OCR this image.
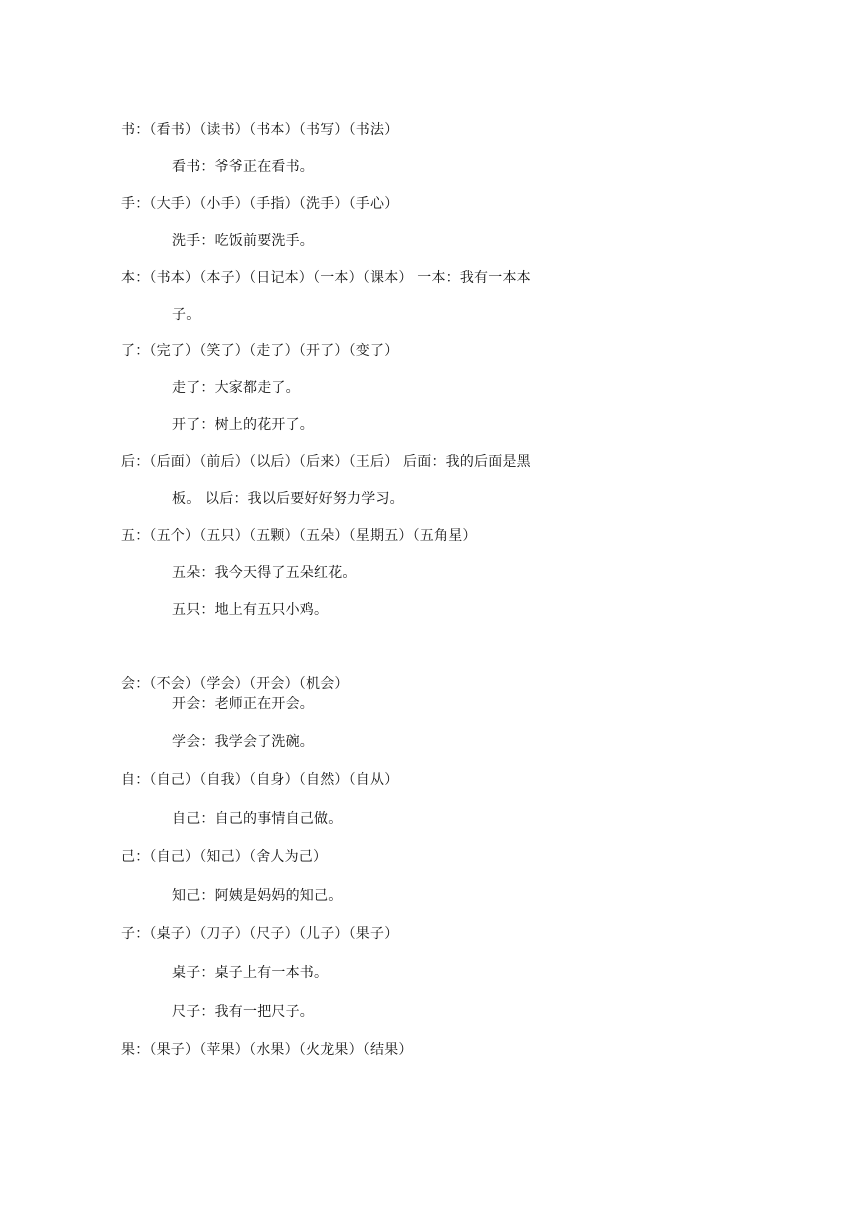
书：（看书）（读书）（书本）（书写）（书法）
看书：爷爷正在看书。
手：（大手）（小手）（手指）（洗手）（手心）
洗手：吃饭前要洗手。
本：（书本）（本子）（日记本）（一本）（课本） 一本：我有一本本
子。
了：（完了）（笑了）（走了）（开了）（变了）
走了：大家都走了。
开了：树上的花开了。
后：（后面）（前后）（以后）（后来）（王后） 后面：我的后面是黑
板。 以后：我以后要好好努力学习。
五：（五个）（五只）（五颗）（五朵）（星期五）（五角星）
五朵：我今天得了五朵红花。
五只：地上有五只小鸡。
会：（不会）（学会）（开会）（机会）
开会：老师正在开会。
学会：我学会了洗碗。
自：（自己）（自我）（自身）（自然）（自从）
自己：自己的事情自己做。
己：（自己）（知己）（舍人为己）
知己：阿姨是妈妈的知己。
子：（桌子）（刀子）（尺子）（儿子）（果子）
桌子：桌子上有一本书。
尺子：我有一把尺子。
果：（果子）（苹果）（水果）（火龙果）（结果）
